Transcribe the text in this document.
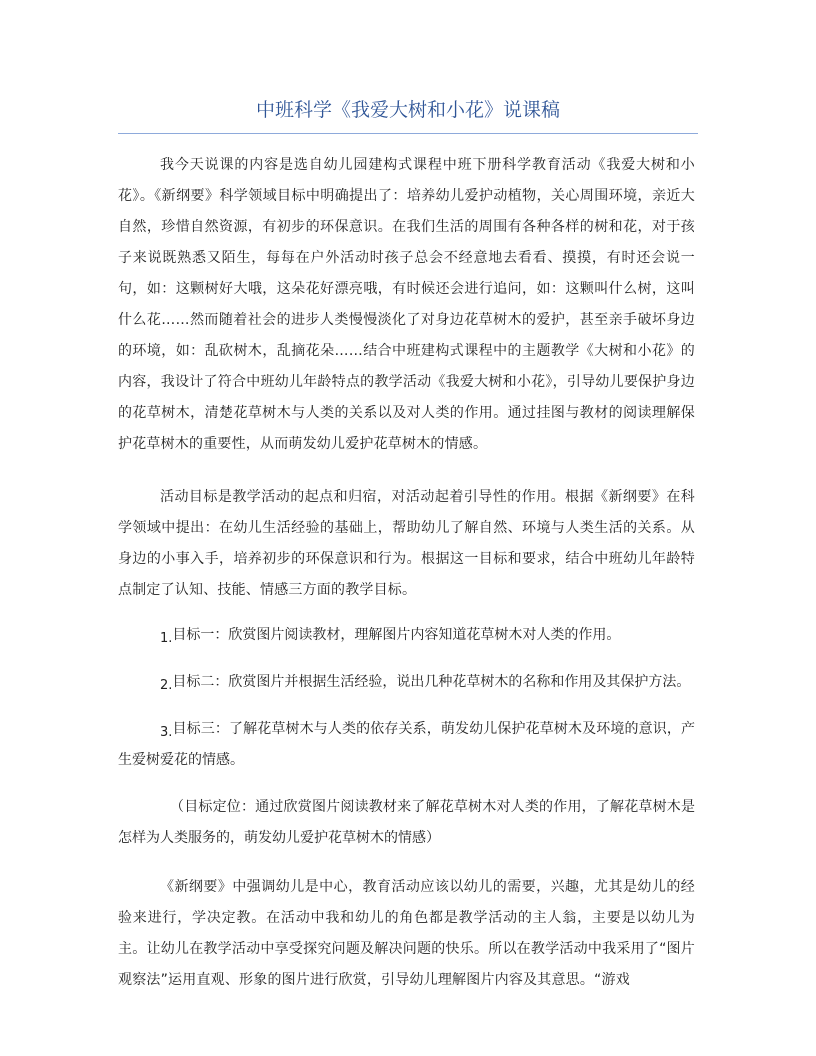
中班科学《我爱大树和小花》说课稿

我今天说课的内容是选自幼儿园建构式课程中班下册科学教育活动《我爱大树和小花》。《新纲要》科学领域目标中明确提出了：培养幼儿爱护动植物，关心周围环境，亲近大自然，珍惜自然资源，有初步的环保意识。在我们生活的周围有各种各样的树和花，对于孩子来说既熟悉又陌生，每每在户外活动时孩子总会不经意地去看看、摸摸，有时还会说一句，如：这颗树好大哦，这朵花好漂亮哦，有时候还会进行追问，如：这颗叫什么树，这叫什么花……然而随着社会的进步人类慢慢淡化了对身边花草树木的爱护，甚至亲手破坏身边的环境，如：乱砍树木，乱摘花朵……结合中班建构式课程中的主题教学《大树和小花》的内容，我设计了符合中班幼儿年龄特点的教学活动《我爱大树和小花》，引导幼儿要保护身边的花草树木，清楚花草树木与人类的关系以及对人类的作用。通过挂图与教材的阅读理解保护花草树木的重要性，从而萌发幼儿爱护花草树木的情感。

活动目标是教学活动的起点和归宿，对活动起着引导性的作用。根据《新纲要》在科学领域中提出：在幼儿生活经验的基础上，帮助幼儿了解自然、环境与人类生活的关系。从身边的小事入手，培养初步的环保意识和行为。根据这一目标和要求，结合中班幼儿年龄特点制定了认知、技能、情感三方面的教学目标。

1.目标一：欣赏图片阅读教材，理解图片内容知道花草树木对人类的作用。

2.目标二：欣赏图片并根据生活经验，说出几种花草树木的名称和作用及其保护方法。

3.目标三：了解花草树木与人类的依存关系，萌发幼儿保护花草树木及环境的意识，产生爱树爱花的情感。

（目标定位：通过欣赏图片阅读教材来了解花草树木对人类的作用，了解花草树木是怎样为人类服务的，萌发幼儿爱护花草树木的情感）

《新纲要》中强调幼儿是中心，教育活动应该以幼儿的需要，兴趣，尤其是幼儿的经验来进行，学决定教。在活动中我和幼儿的角色都是教学活动的主人翁，主要是以幼儿为主。让幼儿在教学活动中享受探究问题及解决问题的快乐。所以在教学活动中我采用了“图片观察法”运用直观、形象的图片进行欣赏，引导幼儿理解图片内容及其意思。“游戏
